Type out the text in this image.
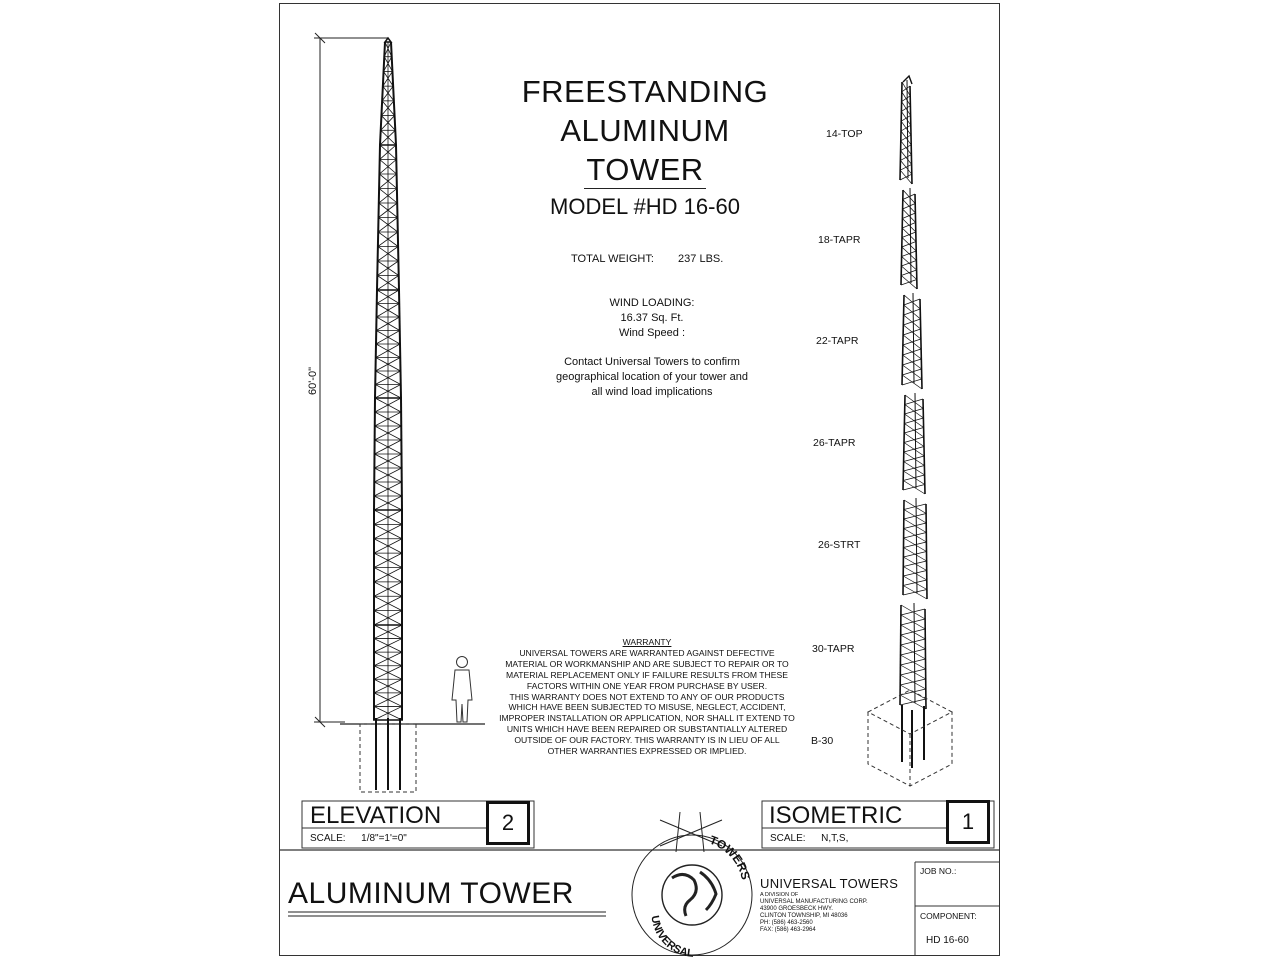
TOWERS
UNIVERSAL
FREESTANDING
ALUMINUM
TOWER
MODEL #HD 16-60
TOTAL WEIGHT: 237 LBS.
WIND LOADING:
16.37 Sq. Ft.
Wind Speed :
Contact Universal Towers to confirm
geographical location of your tower and
all wind load implications
60'-0"
14-TOP
18-TAPR
22-TAPR
26-TAPR
26-STRT
30-TAPR
B-30
WARRANTY
UNIVERSAL TOWERS ARE WARRANTED AGAINST DEFECTIVE
MATERIAL OR WORKMANSHIP AND ARE SUBJECT TO REPAIR OR TO
MATERIAL REPLACEMENT ONLY IF FAILURE RESULTS FROM THESE
FACTORS WITHIN ONE YEAR FROM PURCHASE BY USER.
THIS WARRANTY DOES NOT EXTEND TO ANY OF OUR PRODUCTS
WHICH HAVE BEEN SUBJECTED TO MISUSE, NEGLECT, ACCIDENT,
IMPROPER INSTALLATION OR APPLICATION, NOR SHALL IT EXTEND TO
UNITS WHICH HAVE BEEN REPAIRED OR SUBSTANTIALLY ALTERED
OUTSIDE OF OUR FACTORY. THIS WARRANTY IS IN LIEU OF ALL
OTHER WARRANTIES EXPRESSED OR IMPLIED.
ELEVATION
SCALE: 1/8"=1'=0"
2	ISOMETRIC
SCALE: N,T,S,
1
ALUMINUM TOWER	UNIVERSAL TOWERS
A DIVISION OF
UNIVERSAL MANUFACTURING CORP.
43900 GROESBECK HWY.
CLINTON TOWNSHIP, MI 48036
PH: (586) 463-2560
FAX: (586) 463-2964
JOB NO.:
COMPONENT:
HD 16-60
